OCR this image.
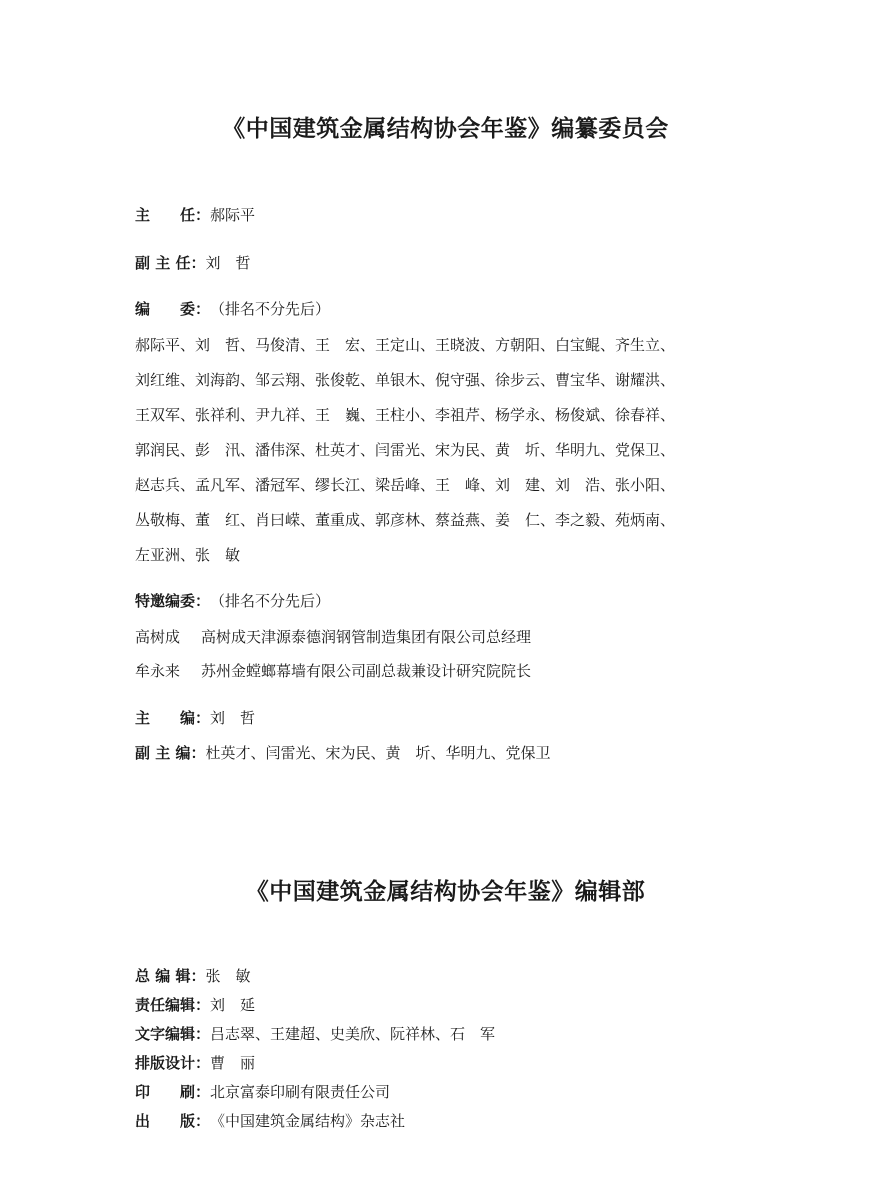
《中国建筑金属结构协会年鉴》编纂委员会
主　　任：郝际平
副 主 任：刘　哲
编　　委：（排名不分先后）
郝际平、刘　哲、马俊清、王　宏、王定山、王晓波、方朝阳、白宝鲲、齐生立、
刘红维、刘海韵、邹云翔、张俊乾、单银木、倪守强、徐步云、曹宝华、谢耀洪、
王双军、张祥利、尹九祥、王　巍、王柱小、李祖芹、杨学永、杨俊斌、徐春祥、
郭润民、彭　汛、潘伟深、杜英才、闫雷光、宋为民、黄　圻、华明九、党保卫、
赵志兵、孟凡军、潘冠军、缪长江、梁岳峰、王　峰、刘　建、刘　浩、张小阳、
丛敬梅、董　红、肖曰嵘、董重成、郭彦林、蔡益燕、姜　仁、李之毅、苑炳南、
左亚洲、张　敏
特邀编委：（排名不分先后）
高树成 高树成天津源泰德润钢管制造集团有限公司总经理
牟永来 苏州金螳螂幕墙有限公司副总裁兼设计研究院院长
主　　编：刘　哲
副 主 编：杜英才、闫雷光、宋为民、黄　圻、华明九、党保卫
《中国建筑金属结构协会年鉴》编辑部
总 编 辑：张　敏
责任编辑：刘　延
文字编辑：吕志翠、王建超、史美欣、阮祥林、石　军
排版设计：曹　丽
印　　刷：北京富泰印刷有限责任公司
出　　版：《中国建筑金属结构》杂志社
